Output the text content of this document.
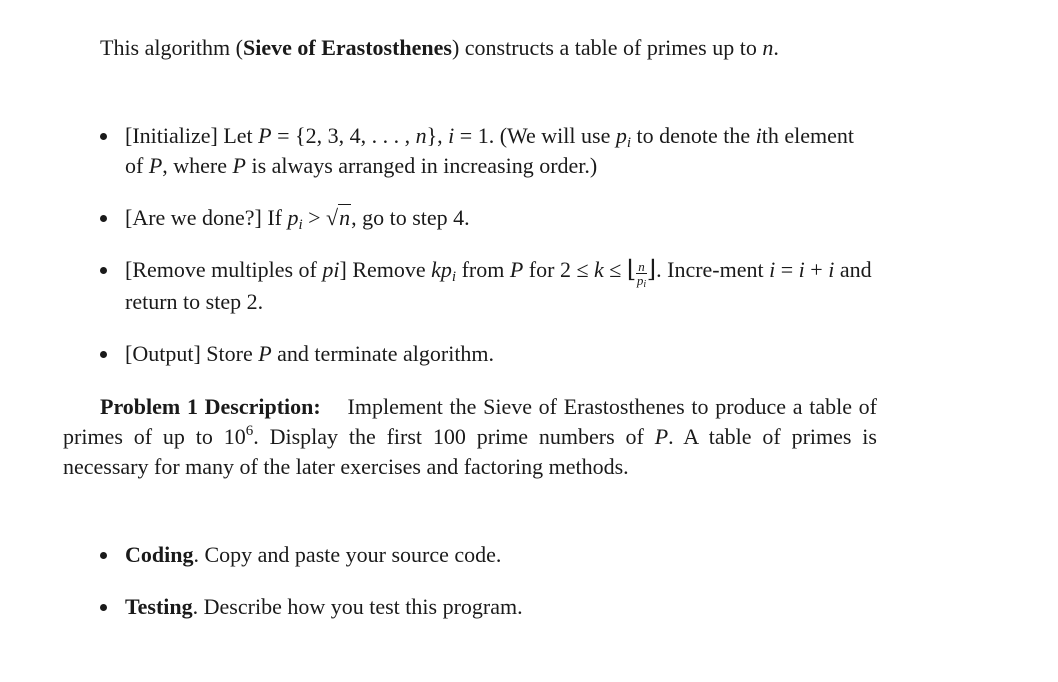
This algorithm (Sieve of Erastosthenes) constructs a table of primes up to n.

[Initialize] Let P = {2, 3, 4, . . . , n}, i = 1. (We will use $p_i$ to denote the ith element of P, where P is always arranged in increasing order.)
[Are we done?] If $p_i > √n$, go to step 4.
[Remove multiples of pi] Remove $kp_i$ from P for 2 ≤ k ≤ ⌊ $\frac{n}{p_i}$ ⌋. Incre-ment i = i + i and return to step 2.
[Output] Store P and terminate algorithm.

Problem 1 Description: Implement the Sieve of Erastosthenes to produce a table of primes of up to $10^6$. Display the first 100 prime numbers of P. A table of primes is necessary for many of the later exercises and factoring methods.

Coding. Copy and paste your source code.
Testing. Describe how you test this program.
